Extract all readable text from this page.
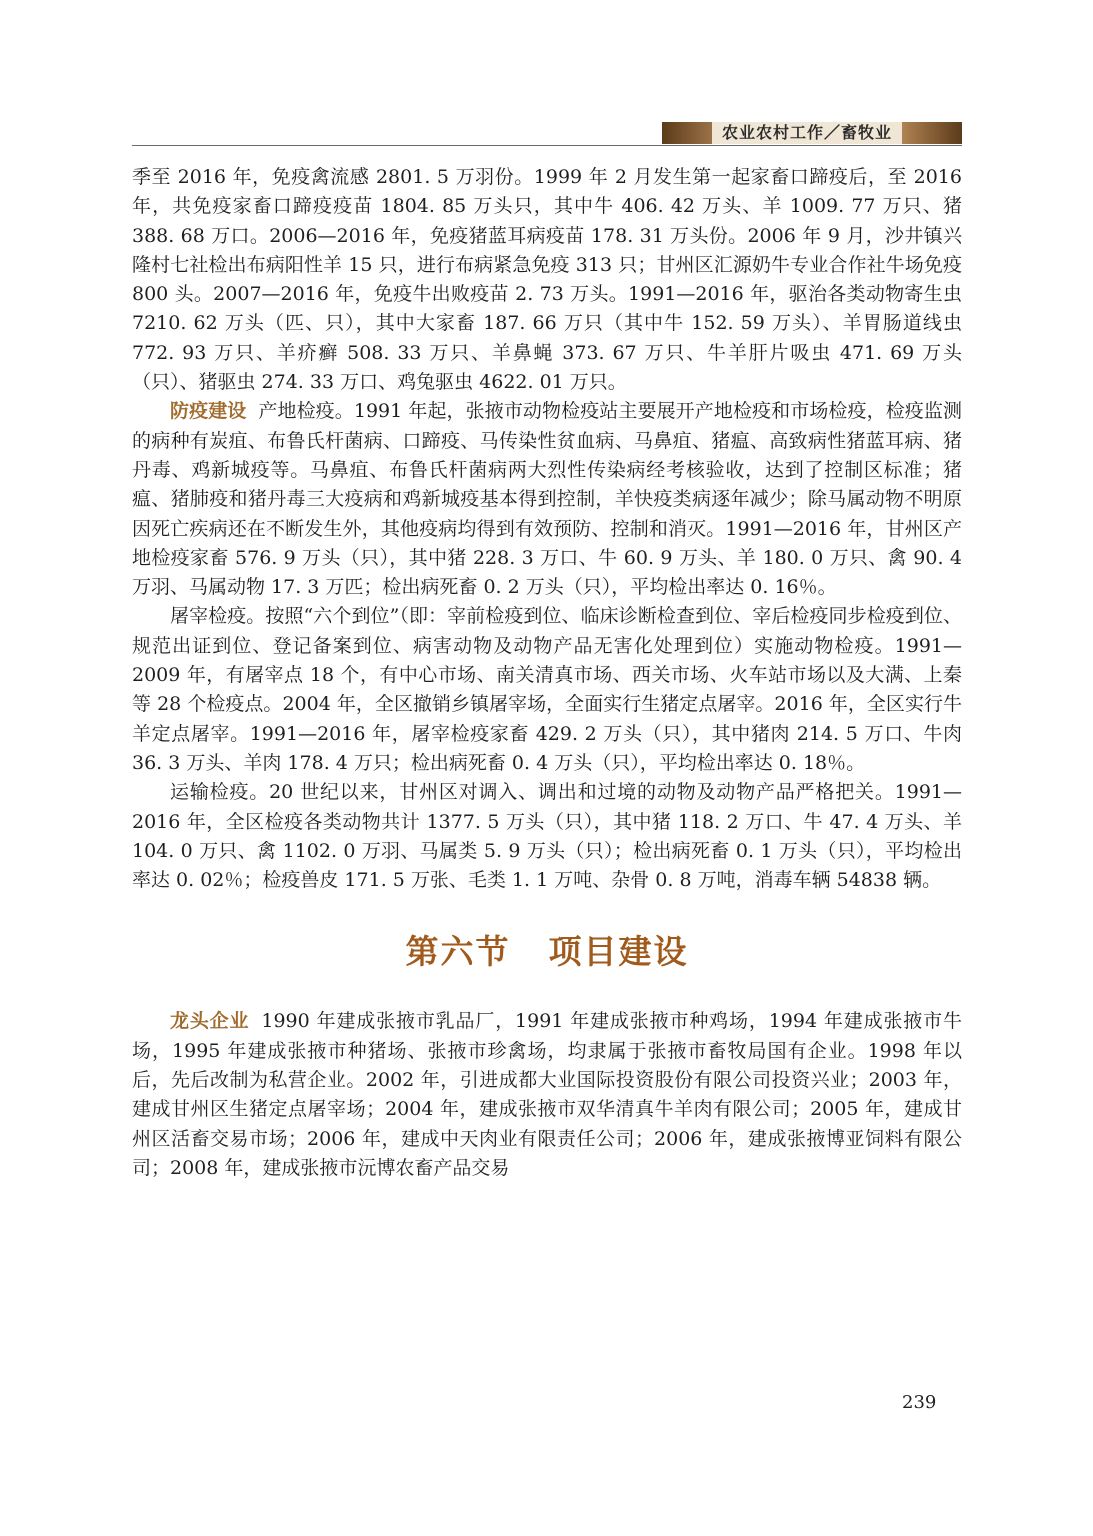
农业农村工作／畜牧业

季至 2016 年，免疫禽流感 2801. 5 万羽份。1999 年 2 月发生第一起家畜口蹄疫后，至 2016 年，共免疫家畜口蹄疫疫苗 1804. 85 万头只，其中牛 406. 42 万头、羊 1009. 77 万只、猪 388. 68 万口。2006—2016 年，免疫猪蓝耳病疫苗 178. 31 万头份。2006 年 9 月，沙井镇兴隆村七社检出布病阳性羊 15 只，进行布病紧急免疫 313 只；甘州区汇源奶牛专业合作社牛场免疫 800 头。2007—2016 年，免疫牛出败疫苗 2. 73 万头。1991—2016 年，驱治各类动物寄生虫 7210. 62 万头（匹、只），其中大家畜 187. 66 万只（其中牛 152. 59 万头）、羊胃肠道线虫 772. 93 万只、羊疥癣 508. 33 万只、羊鼻蝇 373. 67 万只、牛羊肝片吸虫 471. 69 万头（只）、猪驱虫 274. 33 万口、鸡兔驱虫 4622. 01 万只。

防疫建设 产地检疫。1991 年起，张掖市动物检疫站主要展开产地检疫和市场检疫，检疫监测的病种有炭疽、布鲁氏杆菌病、口蹄疫、马传染性贫血病、马鼻疽、猪瘟、高致病性猪蓝耳病、猪丹毒、鸡新城疫等。马鼻疽、布鲁氏杆菌病两大烈性传染病经考核验收，达到了控制区标准；猪瘟、猪肺疫和猪丹毒三大疫病和鸡新城疫基本得到控制，羊快疫类病逐年减少；除马属动物不明原因死亡疾病还在不断发生外，其他疫病均得到有效预防、控制和消灭。1991—2016 年，甘州区产地检疫家畜 576. 9 万头（只），其中猪 228. 3 万口、牛 60. 9 万头、羊 180. 0 万只、禽 90. 4 万羽、马属动物 17. 3 万匹；检出病死畜 0. 2 万头（只），平均检出率达 0. 16％。

屠宰检疫。按照“六个到位”（即：宰前检疫到位、临床诊断检查到位、宰后检疫同步检疫到位、规范出证到位、登记备案到位、病害动物及动物产品无害化处理到位）实施动物检疫。1991—2009 年，有屠宰点 18 个，有中心市场、南关清真市场、西关市场、火车站市场以及大满、上秦等 28 个检疫点。2004 年，全区撤销乡镇屠宰场，全面实行生猪定点屠宰。2016 年，全区实行牛羊定点屠宰。1991—2016 年，屠宰检疫家畜 429. 2 万头（只），其中猪肉 214. 5 万口、牛肉 36. 3 万头、羊肉 178. 4 万只；检出病死畜 0. 4 万头（只），平均检出率达 0. 18％。

运输检疫。20 世纪以来，甘州区对调入、调出和过境的动物及动物产品严格把关。1991—2016 年，全区检疫各类动物共计 1377. 5 万头（只），其中猪 118. 2 万口、牛 47. 4 万头、羊 104. 0 万只、禽 1102. 0 万羽、马属类 5. 9 万头（只）；检出病死畜 0. 1 万头（只），平均检出率达 0. 02％；检疫兽皮 171. 5 万张、毛类 1. 1 万吨、杂骨 0. 8 万吨，消毒车辆 54838 辆。

第六节 项目建设

龙头企业 1990 年建成张掖市乳品厂，1991 年建成张掖市种鸡场，1994 年建成张掖市牛场，1995 年建成张掖市种猪场、张掖市珍禽场，均隶属于张掖市畜牧局国有企业。1998 年以后，先后改制为私营企业。2002 年，引进成都大业国际投资股份有限公司投资兴业；2003 年，建成甘州区生猪定点屠宰场；2004 年，建成张掖市双华清真牛羊肉有限公司；2005 年，建成甘州区活畜交易市场；2006 年，建成中天肉业有限责任公司；2006 年，建成张掖博亚饲料有限公司；2008 年，建成张掖市沅博农畜产品交易

239
